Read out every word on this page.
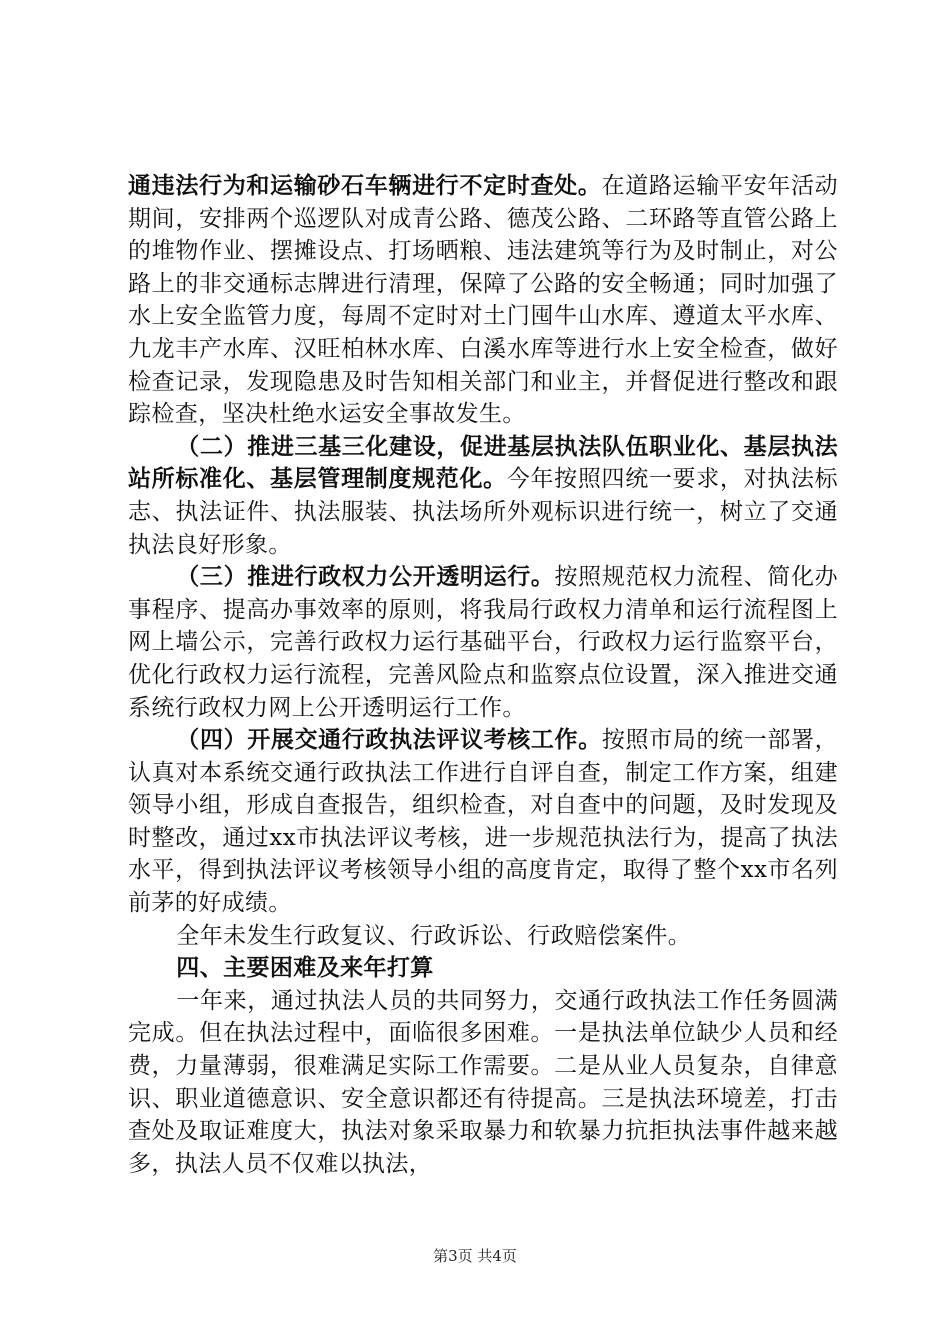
通违法行为和运输砂石车辆进行不定时查处。在道路运输平安年活动期间，安排两个巡逻队对成青公路、德茂公路、二环路等直管公路上的堆物作业、摆摊设点、打场晒粮、违法建筑等行为及时制止，对公路上的非交通标志牌进行清理，保障了公路的安全畅通；同时加强了水上安全监管力度，每周不定时对土门囤牛山水库、遵道太平水库、九龙丰产水库、汉旺柏林水库、白溪水库等进行水上安全检查，做好检查记录，发现隐患及时告知相关部门和业主，并督促进行整改和跟踪检查，坚决杜绝水运安全事故发生。

（二）推进三基三化建设，促进基层执法队伍职业化、基层执法站所标准化、基层管理制度规范化。今年按照四统一要求，对执法标志、执法证件、执法服装、执法场所外观标识进行统一，树立了交通执法良好形象。

（三）推进行政权力公开透明运行。按照规范权力流程、简化办事程序、提高办事效率的原则，将我局行政权力清单和运行流程图上网上墙公示，完善行政权力运行基础平台，行政权力运行监察平台，优化行政权力运行流程，完善风险点和监察点位设置，深入推进交通系统行政权力网上公开透明运行工作。

（四）开展交通行政执法评议考核工作。按照市局的统一部署，认真对本系统交通行政执法工作进行自评自查，制定工作方案，组建领导小组，形成自查报告，组织检查，对自查中的问题，及时发现及时整改，通过xx市执法评议考核，进一步规范执法行为，提高了执法水平，得到执法评议考核领导小组的高度肯定，取得了整个xx市名列前茅的好成绩。

全年未发生行政复议、行政诉讼、行政赔偿案件。

四、主要困难及来年打算

一年来，通过执法人员的共同努力，交通行政执法工作任务圆满完成。但在执法过程中，面临很多困难。一是执法单位缺少人员和经费，力量薄弱，很难满足实际工作需要。二是从业人员复杂，自律意识、职业道德意识、安全意识都还有待提高。三是执法环境差，打击查处及取证难度大，执法对象采取暴力和软暴力抗拒执法事件越来越多，执法人员不仅难以执法，

第3页 共4页
